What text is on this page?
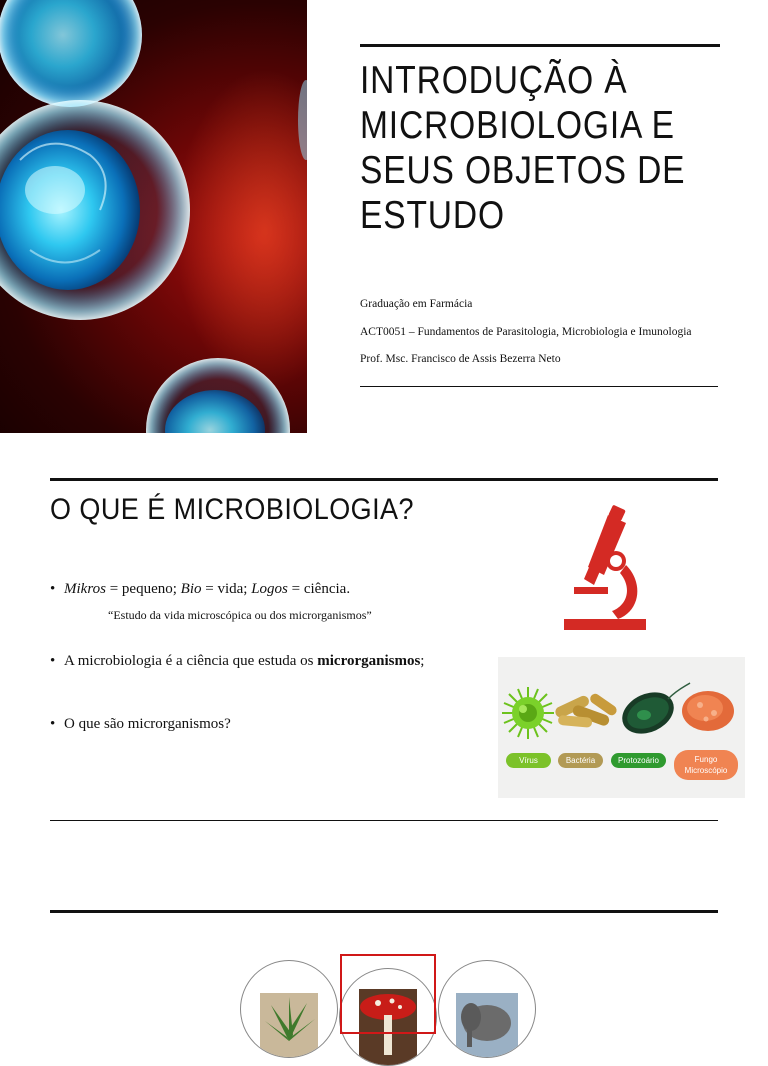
INTRODUÇÃO À
MICROBIOLOGIA E
SEUS OBJETOS DE
ESTUDO

Graduação em Farmácia

ACT0051 – Fundamentos de Parasitologia, Microbiologia e Imunologia

Prof. Msc. Francisco de Assis Bezerra Neto

O QUE É MICROBIOLOGIA?
• Mikros = pequeno; Bio = vida; Logos = ciência.
“Estudo da vida microscópica ou dos microrganismos”
• A microbiologia é a ciência que estuda os microrganismos;
• O que são microrganismos?
Vírus	Bactéria	Protozoário	Fungo
Microscópio
